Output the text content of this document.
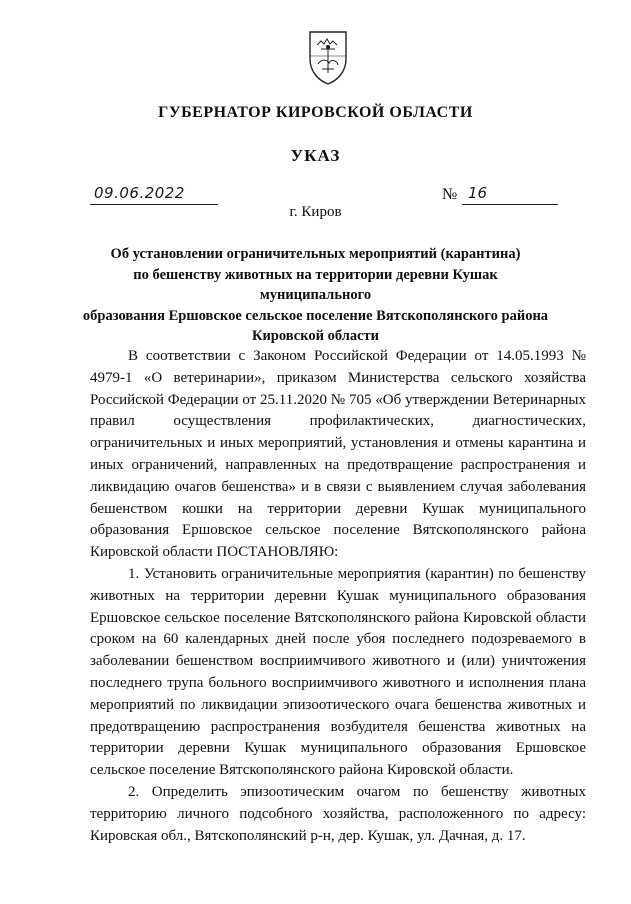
ГУБЕРНАТОР КИРОВСКОЙ ОБЛАСТИ
УКАЗ
09.06.2022	№ 16
г. Киров
Об установлении ограничительных мероприятий (карантина)
по бешенству животных на территории деревни Кушак муниципального
образования Ершовское сельское поселение Вятскополянского района
Кировской области

В соответствии с Законом Российской Федерации от 14.05.1993 № 4979-1 «О ветеринарии», приказом Министерства сельского хозяйства Российской Федерации от 25.11.2020 № 705 «Об утверждении Ветеринарных правил осуществления профилактических, диагностических, ограничительных и иных мероприятий, установления и отмены карантина и иных ограничений, направленных на предотвращение распространения и ликвидацию очагов бешенства» и в связи с выявлением случая заболевания бешенством кошки на территории деревни Кушак муниципального образования Ершовское сельское поселение Вятскополянского района Кировской области ПОСТАНОВЛЯЮ:

1. Установить ограничительные мероприятия (карантин) по бешенству животных на территории деревни Кушак муниципального образования Ершовское сельское поселение Вятскополянского района Кировской области сроком на 60 календарных дней после убоя последнего подозреваемого в заболевании бешенством восприимчивого животного и (или) уничтожения последнего трупа больного восприимчивого животного и исполнения плана мероприятий по ликвидации эпизоотического очага бешенства животных и предотвращению распространения возбудителя бешенства животных на территории деревни Кушак муниципального образования Ершовское сельское поселение Вятскополянского района Кировской области.

2. Определить эпизоотическим очагом по бешенству животных территорию личного подсобного хозяйства, расположенного по адресу: Кировская обл., Вятскополянский р-н, дер. Кушак, ул. Дачная, д. 17.
